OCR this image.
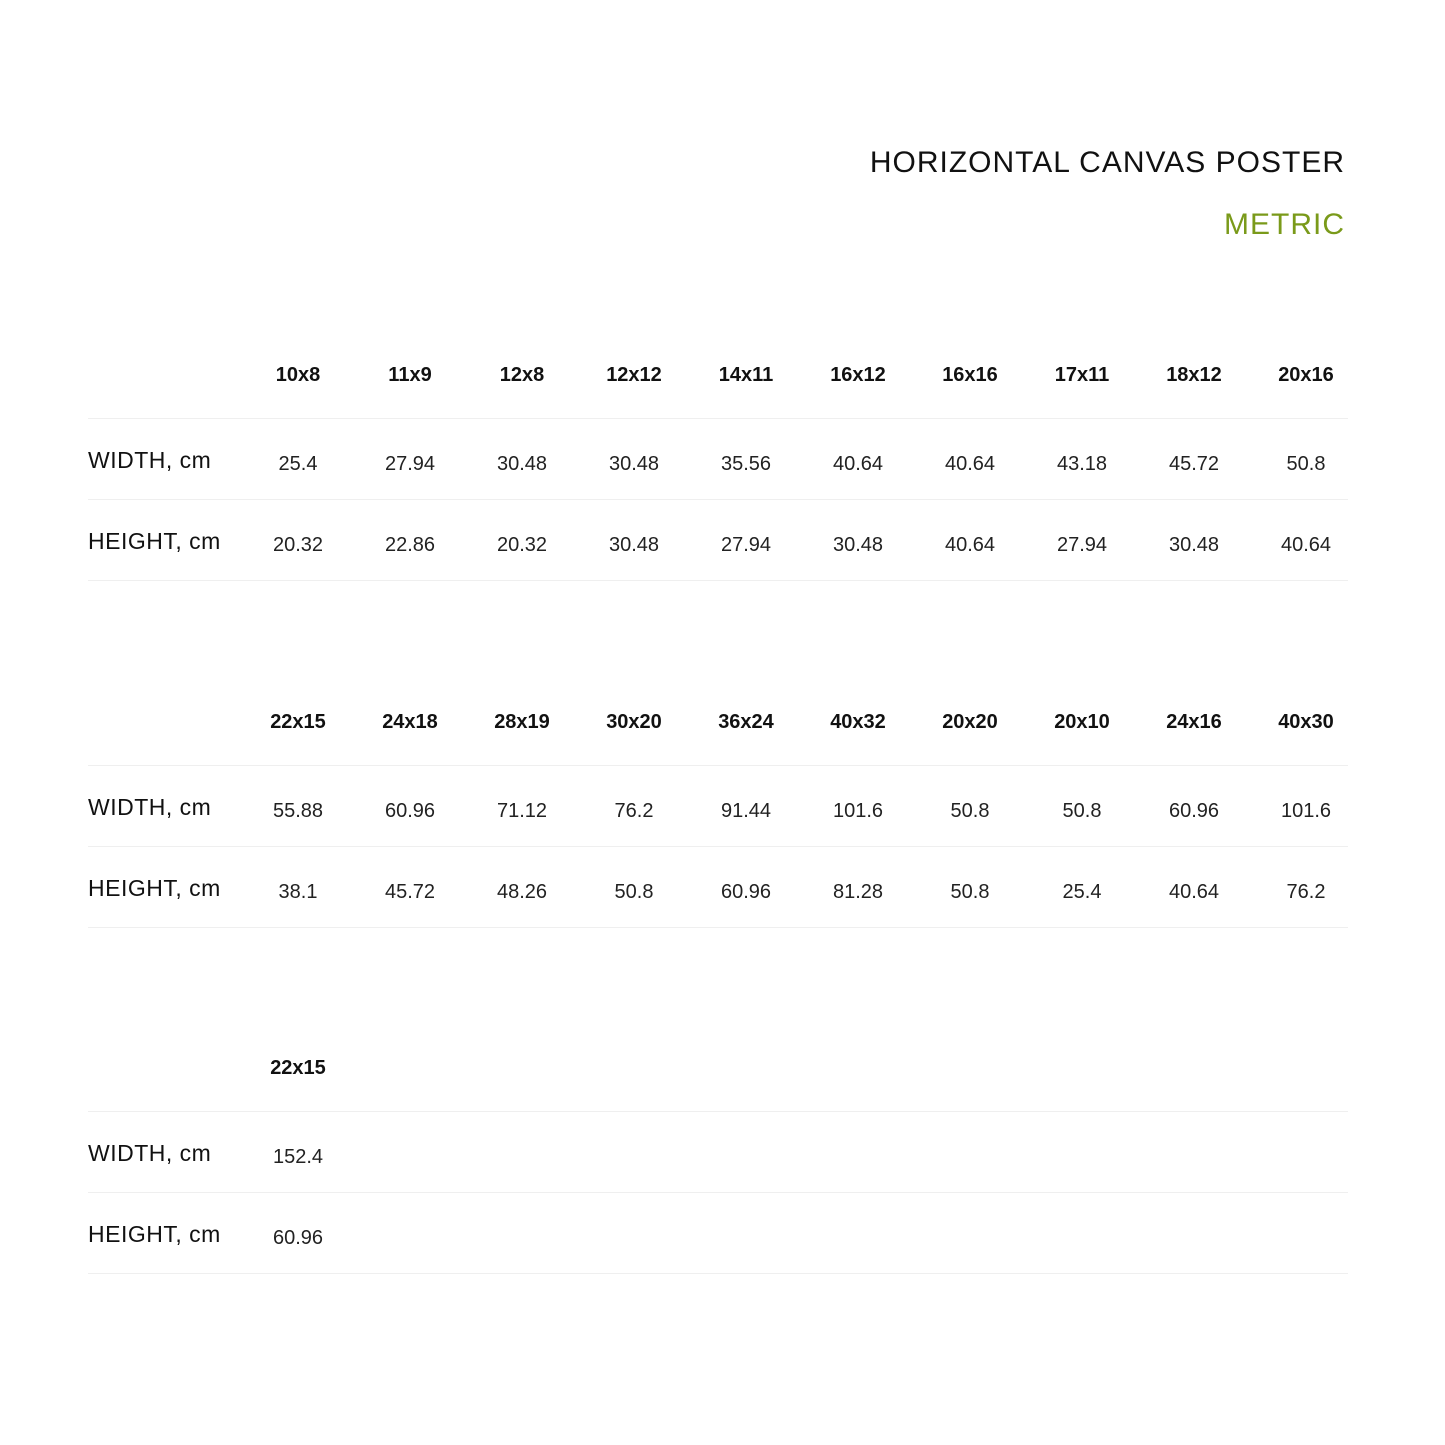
HORIZONTAL CANVAS POSTER
METRIC
10x8	11x9	12x8	12x12	14x11	16x12	16x16	17x11	18x12	20x16
WIDTH, cm	25.4	27.94	30.48	30.48	35.56	40.64	40.64	43.18	45.72	50.8
HEIGHT, cm	20.32	22.86	20.32	30.48	27.94	30.48	40.64	27.94	30.48	40.64
22x15	24x18	28x19	30x20	36x24	40x32	20x20	20x10	24x16	40x30
WIDTH, cm	55.88	60.96	71.12	76.2	91.44	101.6	50.8	50.8	60.96	101.6
HEIGHT, cm	38.1	45.72	48.26	50.8	60.96	81.28	50.8	25.4	40.64	76.2
22x15
WIDTH, cm	152.4
HEIGHT, cm	60.96
